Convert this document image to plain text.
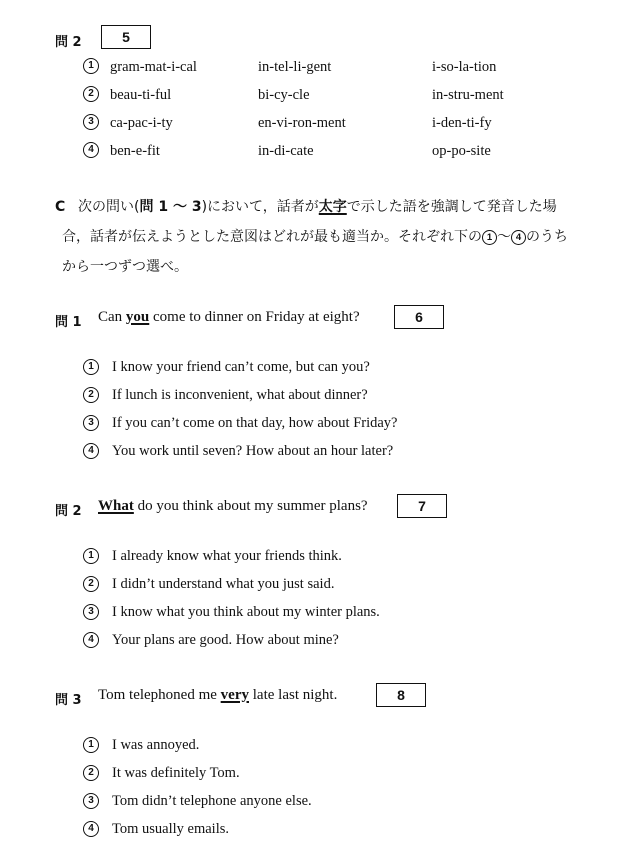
問 2	5
1	gram-mat-i-cal	in-tel-li-gent	i-so-la-tion
2	beau-ti-ful	bi-cy-cle	in-stru-ment
3	ca-pac-i-ty	en-vi-ron-ment	i-den-ti-fy
4	ben-e-fit	in-di-cate	op-po-site
C 次の問い(問 1 〜 3)において，話者が太字で示した語を強調して発音した場
合，話者が伝えようとした意図はどれが最も適当か。それぞれ下の 1 〜 4 のうち
から一つずつ選べ。
問 1 Can you come to dinner on Friday at eight?	6
1	I know your friend can’t come, but can you?
2	If lunch is inconvenient, what about dinner?
3	If you can’t come on that day, how about Friday?
4	You work until seven? How about an hour later?
問 2 What do you think about my summer plans?	7
1	I already know what your friends think.
2	I didn’t understand what you just said.
3	I know what you think about my winter plans.
4	Your plans are good. How about mine?
問 3 Tom telephoned me very late last night.	8
1	I was annoyed.
2	It was definitely Tom.
3	Tom didn’t telephone anyone else.
4	Tom usually emails.
